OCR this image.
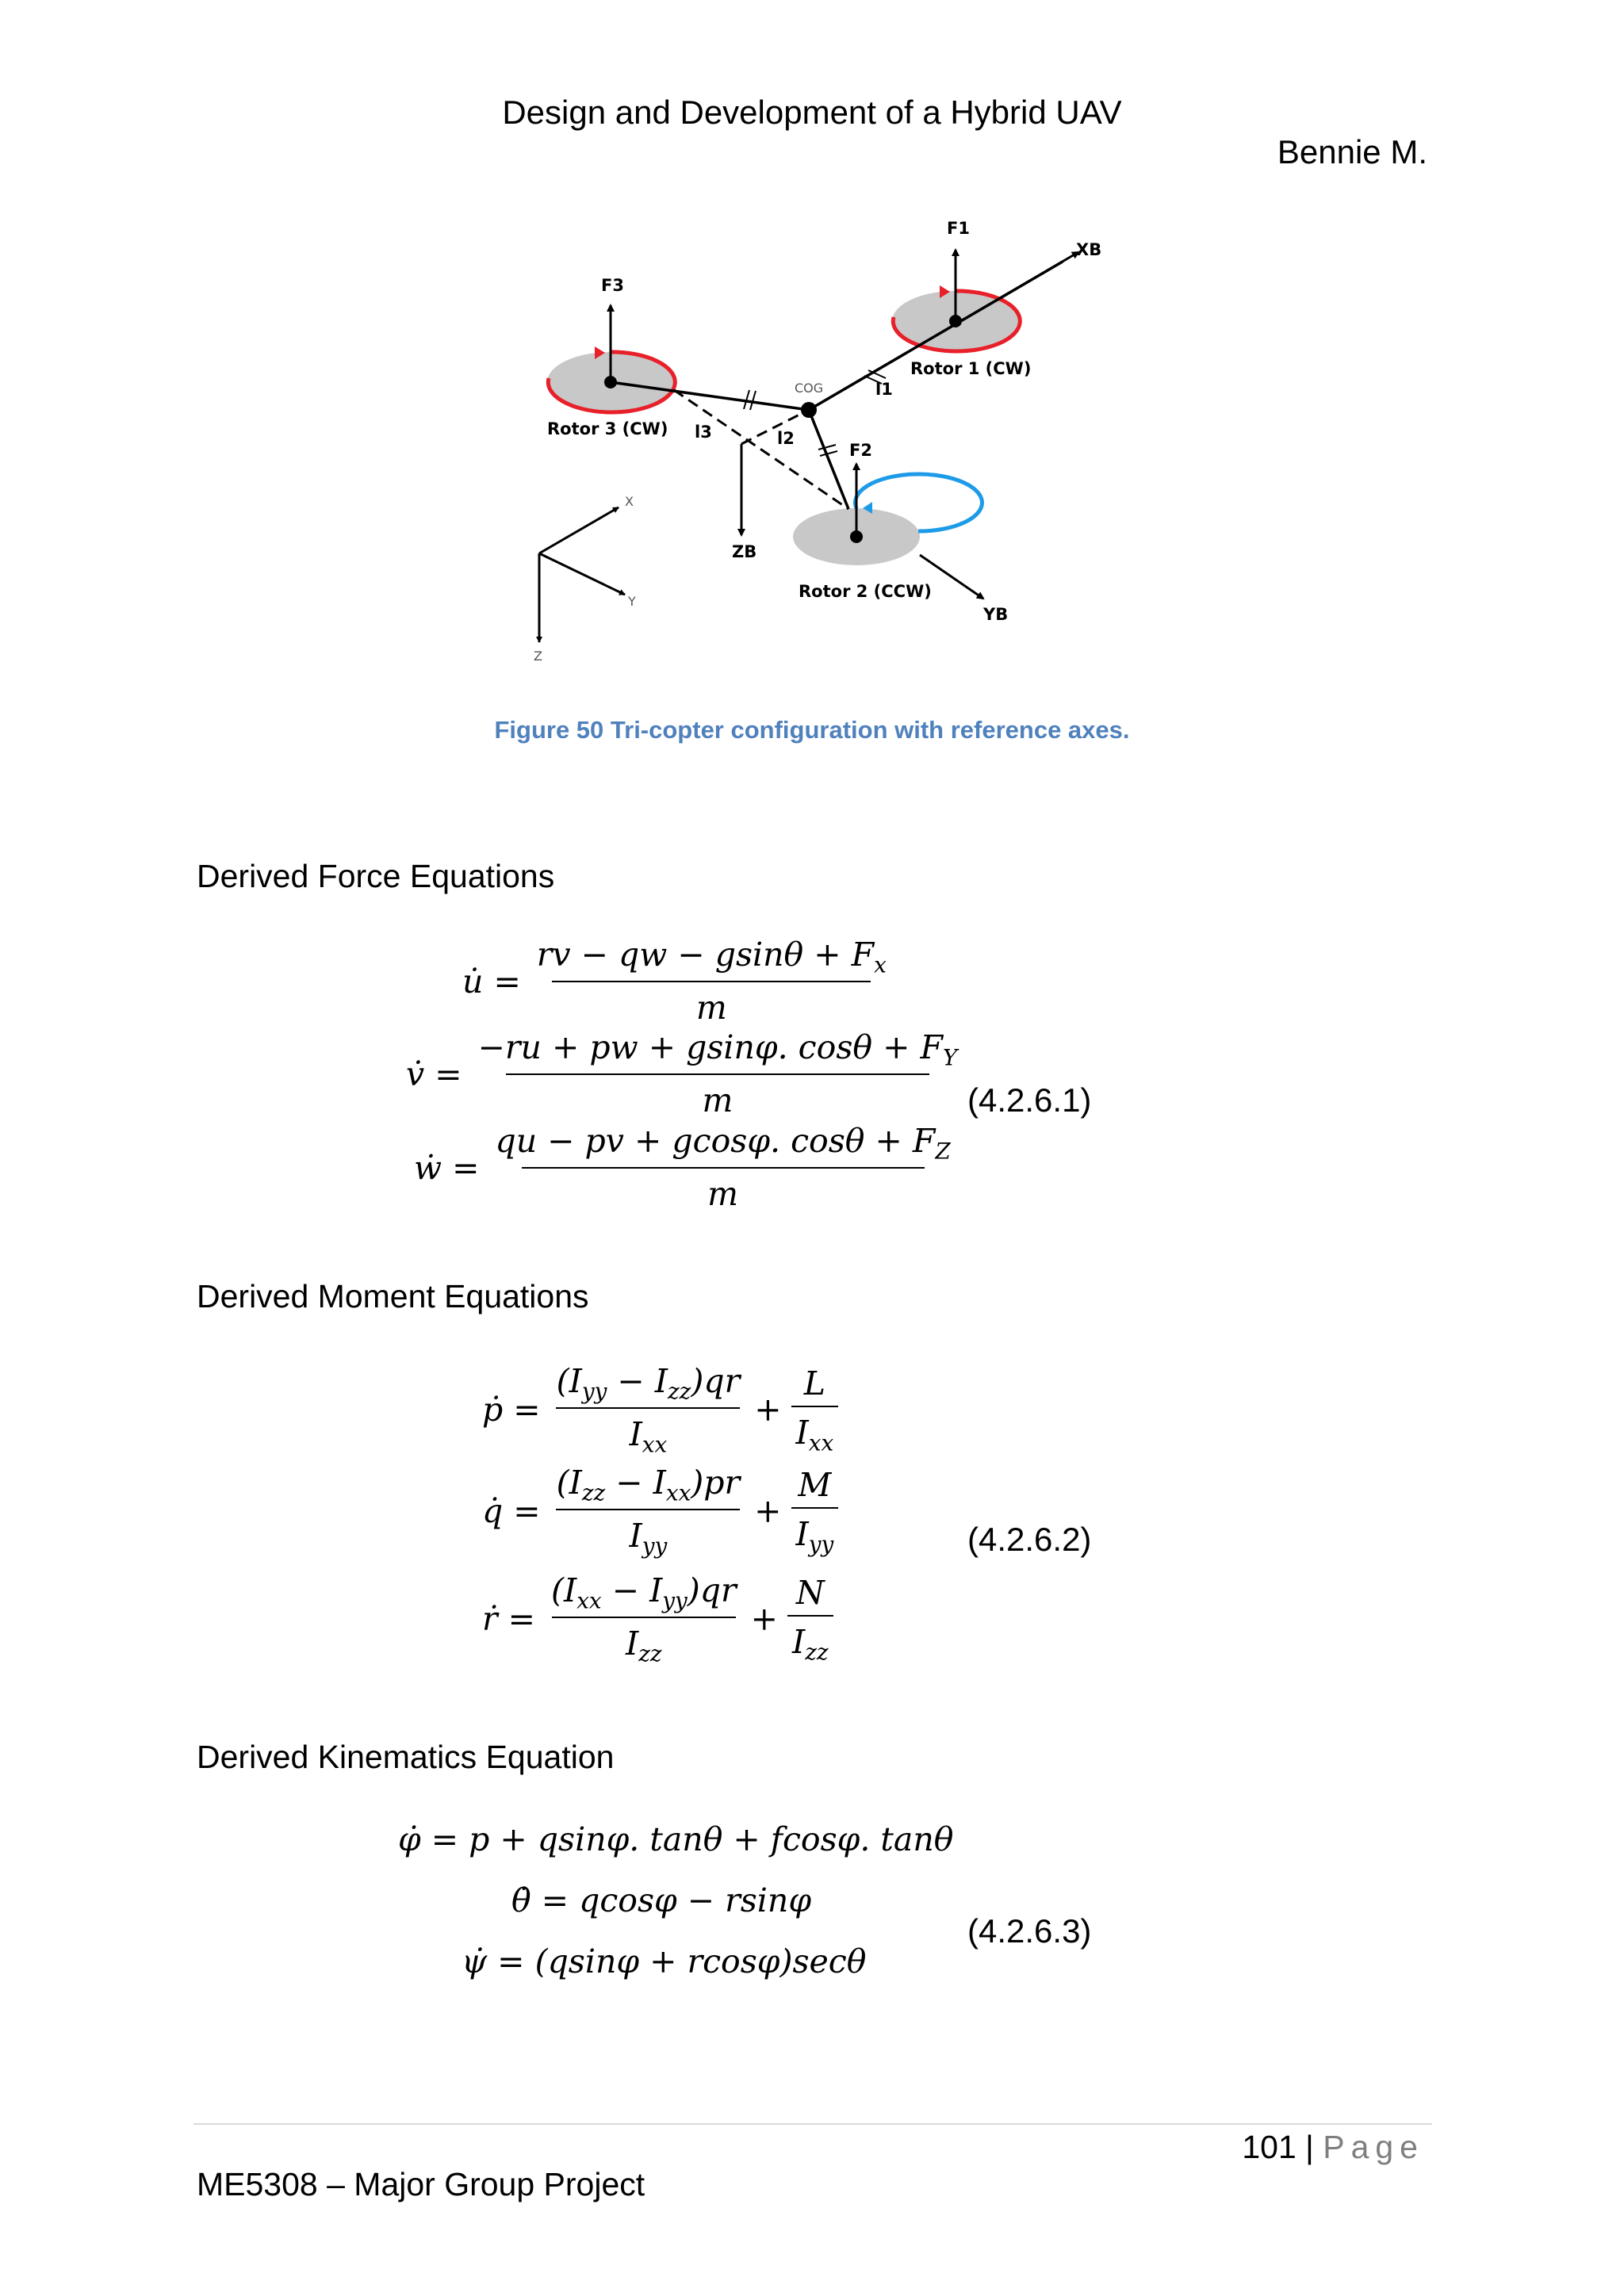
Design and Development of a Hybrid UAV
Bennie M.
F1
F3
F2
XB
YB
ZB
Rotor 1 (CW)
Rotor 2 (CCW)
Rotor 3 (CW) l3	l2
l1
COG
X
Y
Z
Figure 50 Tri-copter configuration with reference axes.
Derived Force Equations
u̇ = $\frac{rv - qw - gsin\theta + F_x}{m}$
v̇ = $\frac{-ru + pw + gsin\varphi. \cos\theta + F_Y}{m}$
ẇ = $\frac{qu - pv + gcos\varphi. \cos\theta + F_Z}{m}$
(4.2.6.1)
Derived Moment Equations
ṗ = $\frac{(I_{yy} - I_{zz})qr}{I_{xx}} + \frac{L}{I_{xx}}$
q̇ = $\frac{(I_{zz} - I_{xx})pr}{I_{yy}} + \frac{M}{I_{yy}}$
ṙ = $\frac{(I_{xx} - I_{yy})qr}{I_{zz}} + \frac{N}{I_{zz}}$
(4.2.6.2)
Derived Kinematics Equation
φ̇ = p + qsinφ. tanθ + fcosφ. tanθ
θ̇ = qcosφ − rsinφ
ψ̇ = (qsinφ + rcosφ)secθ
(4.2.6.3)
101 | Page
ME5308 – Major Group Project
